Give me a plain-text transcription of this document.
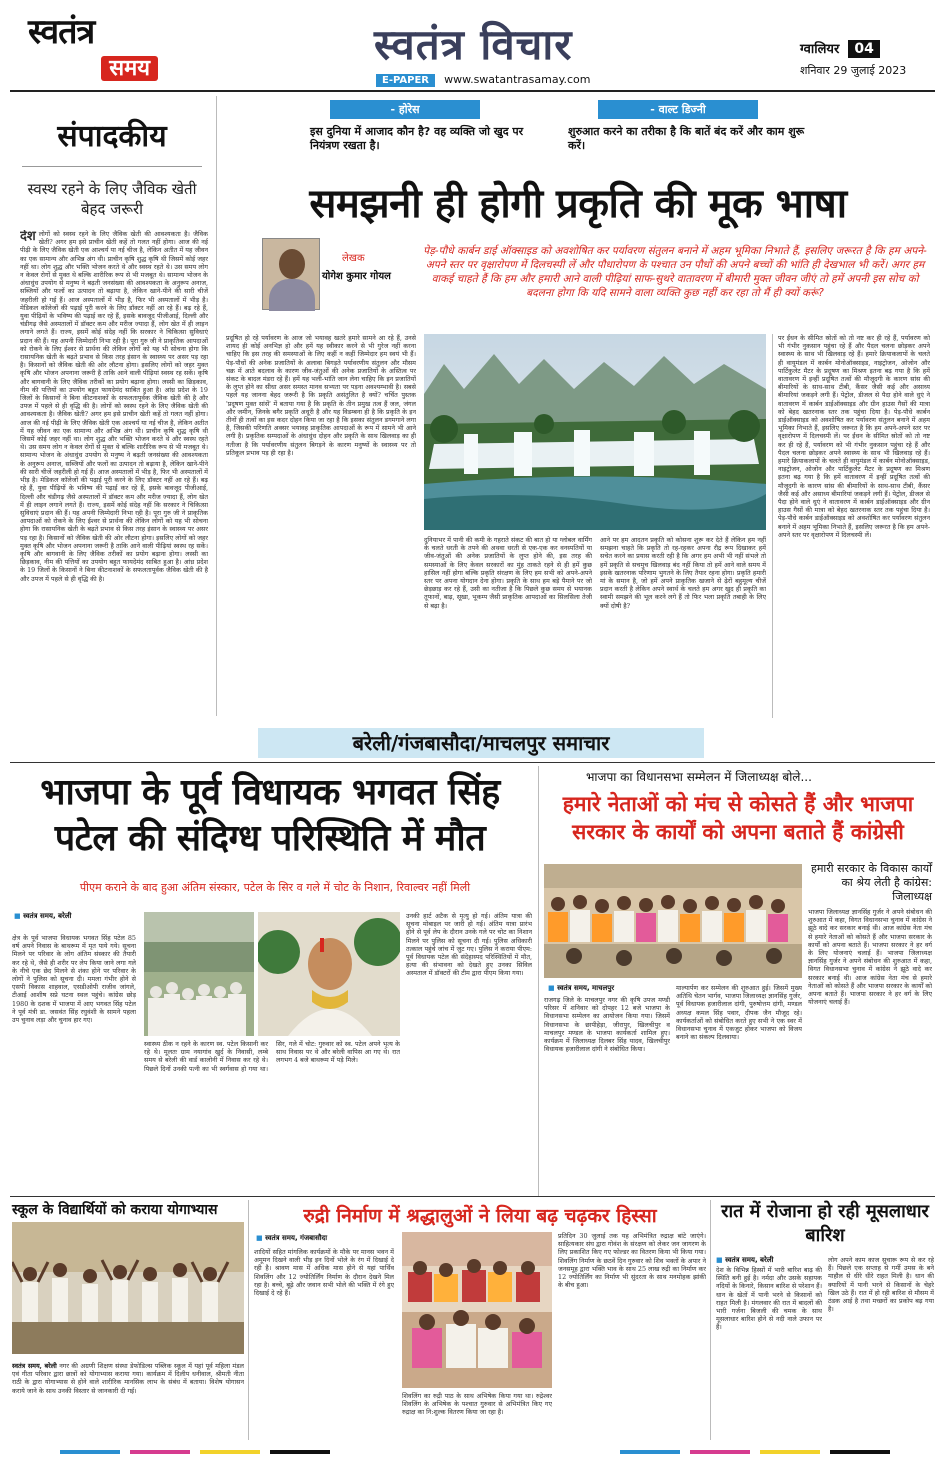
स्वतंत्र
समय	स्वतंत्र विचार
E-PAPER www.swatantrasamay.com
ग्वालियर 04
शनिवार 29 जुलाई 2023
संपादकीय
स्वस्थ रहने के लिए जैविक खेती बेहद जरूरी
देश लोगों को स्वस्थ रहने के लिए जैविक खेती की आवश्यकता है। जैविक खेती? अगर हम इसे प्राचीन खेती कहें तो गलत नहीं होगा। आज की नई पीढ़ी के लिए जैविक खेती एक आश्चर्य या नई चीज है, लेकिन अतीत में यह जीवन का एक सामान्य और अभिन्न अंग थी। प्राचीन कृषि शुद्ध कृषि थी जिसमें कोई जहर नहीं था। लोग शुद्ध और भक्ति भोजन करते थे और स्वस्थ रहते थे। उस समय लोग न केवल रोगों से मुक्त थे बल्कि शारीरिक रूप से भी मजबूत थे। सामान्य भोजन के अंधाधुंध उपयोग से मनुष्य ने बढ़ती जनसंख्या की आवश्यकता के अनुरूप अनाज, सब्जियों और फलों का उत्पादन तो बढ़ाया है, लेकिन खाने-पीने की सारी चीजें जहरीली हो गई हैं। आज अस्पतालों में भीड़ है, फिर भी अस्पतालों में भीड़ है। मेडिकल कॉलेजों की पढ़ाई पूरी करने के लिए डॉक्टर नहीं आ रहे हैं। बढ़ रहे हैं, युवा पीढ़ियों के भविष्य की पढ़ाई कर रहे हैं, इसके बावजूद पीजीआई, दिल्ली और चंडीगढ़ जैसे अस्पतालों में डॉक्टर कम और मरीज ज्यादा हैं, लोग खेत में ही लाइन लगाने लगते हैं। राज्य, इसमें कोई संदेह नहीं कि सरकार ने चिकित्सा सुविधाएं प्रदान की हैं। यह अपनी जिम्मेदारी निभा रही है। पूरा गुरु जी ने प्राकृतिक आपदाओं को रोकने के लिए ईश्वर से प्रार्थना की लेकिन लोगों को यह भी सोचना होगा कि रासायनिक खेती के बढ़ते प्रभाव से किस तरह इंसान के स्वास्थ्य पर असर पड़ रहा है। किसानों को जैविक खेती की ओर लौटना होगा। इसलिए लोगों को जहर मुक्त कृषि और भोजन अपनाना जरूरी है ताकि आने वाली पीढ़ियां स्वस्थ रह सकें। कृषि और बागवानी के लिए जैविक तरीकों का प्रयोग बढ़ाना होगा। लस्सी का छिड़काव, नीम की पत्तियों का उपयोग बहुत फायदेमंद साबित हुआ है। आंध्र प्रदेश के 19 जिलों के किसानों ने बिना कीटनाशकों के सफलतापूर्वक जैविक खेती की है और उपज में पहले से ही वृद्धि की है। लोगों को स्वस्थ रहने के लिए जैविक खेती की आवश्यकता है। जैविक खेती? अगर हम इसे प्राचीन खेती कहें तो गलत नहीं होगा। आज की नई पीढ़ी के लिए जैविक खेती एक आश्चर्य या नई चीज है, लेकिन अतीत में यह जीवन का एक सामान्य और अभिन्न अंग थी। प्राचीन कृषि शुद्ध कृषि थी जिसमें कोई जहर नहीं था। लोग शुद्ध और भक्ति भोजन करते थे और स्वस्थ रहते थे। उस समय लोग न केवल रोगों से मुक्त थे बल्कि शारीरिक रूप से भी मजबूत थे। सामान्य भोजन के अंधाधुंध उपयोग से मनुष्य ने बढ़ती जनसंख्या की आवश्यकता के अनुरूप अनाज, सब्जियों और फलों का उत्पादन तो बढ़ाया है, लेकिन खाने-पीने की सारी चीजें जहरीली हो गई हैं। आज अस्पतालों में भीड़ है, फिर भी अस्पतालों में भीड़ है। मेडिकल कॉलेजों की पढ़ाई पूरी करने के लिए डॉक्टर नहीं आ रहे हैं। बढ़ रहे हैं, युवा पीढ़ियों के भविष्य की पढ़ाई कर रहे हैं, इसके बावजूद पीजीआई, दिल्ली और चंडीगढ़ जैसे अस्पतालों में डॉक्टर कम और मरीज ज्यादा हैं, लोग खेत में ही लाइन लगाने लगते हैं। राज्य, इसमें कोई संदेह नहीं कि सरकार ने चिकित्सा सुविधाएं प्रदान की हैं। यह अपनी जिम्मेदारी निभा रही है। पूरा गुरु जी ने प्राकृतिक आपदाओं को रोकने के लिए ईश्वर से प्रार्थना की लेकिन लोगों को यह भी सोचना होगा कि रासायनिक खेती के बढ़ते प्रभाव से किस तरह इंसान के स्वास्थ्य पर असर पड़ रहा है। किसानों को जैविक खेती की ओर लौटना होगा। इसलिए लोगों को जहर मुक्त कृषि और भोजन अपनाना जरूरी है ताकि आने वाली पीढ़ियां स्वस्थ रह सकें। कृषि और बागवानी के लिए जैविक तरीकों का प्रयोग बढ़ाना होगा। लस्सी का छिड़काव, नीम की पत्तियों का उपयोग बहुत फायदेमंद साबित हुआ है। आंध्र प्रदेश के 19 जिलों के किसानों ने बिना कीटनाशकों के सफलतापूर्वक जैविक खेती की है और उपज में पहले से ही वृद्धि की है।
- होरेस
इस दुनिया में आजाद कौन है? वह व्यक्ति जो खुद पर नियंत्रण रखता है।
- वाल्ट डिज्नी
शुरुआत करने का तरीका है कि बातें बंद करें और काम शुरू करें।
समझनी ही होगी प्रकृति की मूक भाषा
लेखक
योगेश कुमार गोयल
पेड़-पौधे कार्बन डाई ऑक्साइड को अवशोषित कर पर्यावरण संतुलन बनाने में अहम भूमिका निभाते हैं, इसलिए जरूरत है कि हम अपने-अपने स्तर पर वृक्षारोपण में दिलचस्पी लें और पौधारोपण के पश्चात उन पौधों की अपने बच्चों की भांति ही देखभाल भी करें। अगर हम वाकई चाहते हैं कि हम और हमारी आने वाली पीढ़ियां साफ-सुथरे वातावरण में बीमारी मुक्त जीवन जीएं तो हमें अपनी इस सोच को बदलना होगा कि यदि सामने वाला व्यक्ति कुछ नहीं कर रहा तो मैं ही क्यों करूं?
प्रदूषित हो रहे पर्यावरण के आज जो भयावह खतरे हमारे सामने आ रहे हैं, उनसे शायद ही कोई अनभिज्ञ हो और हमें यह स्वीकार करने से भी गुरेज नहीं करना चाहिए कि इस तरह की समस्याओं के लिए कहीं न कहीं जिम्मेदार हम स्वयं भी हैं। पेड़-पौधों की अनेक प्रजातियों के अलावा बिगड़ते पर्यावरणीय संतुलन और मौसम चक्र में आते बदलाव के कारण जीव-जंतुओं की अनेक प्रजातियों के अस्तित्व पर संकट के बादल मंडरा रहे हैं। हमें यह भली-भांति जान लेना चाहिए कि इन प्रजातियों के लुप्त होने का सीधा असर समस्त मानव सभ्यता पर पड़ना अवश्यम्भावी है। सबसे पहले यह जानना बेहद जरूरी है कि प्रकृति असंतुलित है क्यों? चर्चित पुस्तक 'प्रदूषण मुक्त सांसें' में बताया गया है कि प्रकृति के तीन प्रमुख तत्व हैं जल, जंगल और जमीन, जिनके बगैर प्रकृति अधूरी है और यह विडम्बना ही है कि प्रकृति के इन तीनों ही तत्वों का इस कदर दोहन किया जा रहा है कि इसका संतुलन डगमगाने लगा है, जिसकी परिणति अक्सर भयावह प्राकृतिक आपदाओं के रूप में सामने भी आने लगी है। प्रकृतिक सम्पदाओं के अंधाधुंध दोहन और प्रकृति के साथ खिलवाड़ का ही नतीजा है कि पर्यावरणीय संतुलन बिगड़ने के कारण मनुष्यों के स्वास्थ्य पर तो प्रतिकूल प्रभाव पड़ ही रहा है।
दुनियाभर में पानी की कमी के गहराते संकट की बात हो या ग्लोबल वार्मिंग के चलते धरती के तपने की अथवा धरती से एक-एक कर वनस्पतियों या जीव-जंतुओं की अनेक प्रजातियों के लुप्त होने की, इस तरह की समस्याओं के लिए केवल सरकारों का मुंह ताकते रहने से ही हमें कुछ हासिल नहीं होगा बल्कि प्रकृति संरक्षण के लिए हम सभी को अपने-अपने स्तर पर अपना योगदान देना होगा। प्रकृति के साथ हम बड़े पैमाने पर जो छेड़छाड़ कर रहे हैं, उसी का नतीजा है कि पिछले कुछ समय से भयानक तूफानों, बाढ़, सूखा, भूकम्प जैसी प्राकृतिक आपदाओं का सिलसिला तेजी से बढ़ा है।
आने पर हम आदतन प्रकृति को कोसना शुरू कर देते हैं लेकिन हम नहीं समझना चाहते कि प्रकृति तो रह-रहकर अपना रौद्र रूप दिखाकर हमें सचेत करने का प्रयास करती रही है कि अगर हम अभी भी नहीं संभले तो हमें प्रकृति से सचमुच खिलवाड़ बंद नहीं किया तो हमें आने वाले समय में इसके खतरनाक परिणाम भुगतने के लिए तैयार रहना होगा। प्रकृति हमारी मां के समान है, जो हमें अपने प्राकृतिक खजाने से ढ़ेरों बहुमूल्य चीजें प्रदान करती है लेकिन अपने स्वार्थ के चलते हम अगर खुद ही प्रकृति का स्वामी समझने की भूल करने लगे हैं तो फिर भला प्रकृति तबाही के लिए क्यों दोषी है?
पर ईंधन के सीमित स्रोतों को तो नष्ट कर ही रहे हैं, पर्यावरण को भी गंभीर नुकसान पहुंचा रहे हैं और पैदल चलना छोड़कर अपने स्वास्थ्य के साथ भी खिलवाड़ रहे हैं। हमारे क्रियाकलापों के चलते ही वायुमंडल में कार्बन मोनोऑक्साइड, नाइट्रोजन, ओजोन और पार्टिकुलेट मैटर के प्रदूषण का मिश्रण इतना बढ़ गया है कि हमें वातावरण में इन्हीं प्रदूषित तत्वों की मौजूदगी के कारण सांस की बीमारियों के साथ-साथ टीबी, कैंसर जैसी कई और असाध्य बीमारियां जकड़ने लगी हैं। पेट्रोल, डीजल से पैदा होने वाले धुएं ने वातावरण में कार्बन डाईऑक्साइड और ग्रीन हाउस गैसों की मात्रा को बेहद खतरनाक स्तर तक पहुंचा दिया है। पेड़-पौधे कार्बन डाईऑक्साइड को अवशोषित कर पर्यावरण संतुलन बनाने में अहम भूमिका निभाते हैं, इसलिए जरूरत है कि हम अपने-अपने स्तर पर वृक्षारोपण में दिलचस्पी लें। पर ईंधन के सीमित स्रोतों को तो नष्ट कर ही रहे हैं, पर्यावरण को भी गंभीर नुकसान पहुंचा रहे हैं और पैदल चलना छोड़कर अपने स्वास्थ्य के साथ भी खिलवाड़ रहे हैं। हमारे क्रियाकलापों के चलते ही वायुमंडल में कार्बन मोनोऑक्साइड, नाइट्रोजन, ओजोन और पार्टिकुलेट मैटर के प्रदूषण का मिश्रण इतना बढ़ गया है कि हमें वातावरण में इन्हीं प्रदूषित तत्वों की मौजूदगी के कारण सांस की बीमारियों के साथ-साथ टीबी, कैंसर जैसी कई और असाध्य बीमारियां जकड़ने लगी हैं। पेट्रोल, डीजल से पैदा होने वाले धुएं ने वातावरण में कार्बन डाईऑक्साइड और ग्रीन हाउस गैसों की मात्रा को बेहद खतरनाक स्तर तक पहुंचा दिया है। पेड़-पौधे कार्बन डाईऑक्साइड को अवशोषित कर पर्यावरण संतुलन बनाने में अहम भूमिका निभाते हैं, इसलिए जरूरत है कि हम अपने-अपने स्तर पर वृक्षारोपण में दिलचस्पी लें।
बरेली/गंजबासौदा/माचलपुर समाचार
भाजपा के पूर्व विधायक भगवत सिंह
पटेल की संदिग्ध परिस्थिति में मौत
पीएम कराने के बाद हुआ अंतिम संस्कार, पटेल के सिर व गले में चोट के निशान, रिवाल्वर नहीं मिली
■ स्वतंत्र समय, बरेली
क्षेत्र के पूर्व भाजपा विधायक भगवत सिंह पटेल 85 वर्ष अपने निवास के बाथरूम में मृत पाये गये। सूचना मिलने पर परिवार के लोग अंतिम संस्कार की तैयारी कर रहे थे, जैसे ही शरीर पर लेप किया जाने लगा गले के नीचे एक छेद मिलने से शंका होने पर परिवार के लोगों ने पुलिस को सूचना दी। ममला गंभीर होने से एसपी विकास शाहवाल, एसडीओपी राजीव जांगले, टीआई आशीष सप्रे घटना स्थल पहुंचे। कांग्रेस छोड़ 1980 के दशक में भाजपा में आए भगवत सिंह पटेल ने पूर्व मंत्री डा. जसवंत सिंह रघुवंशी के सामने पहला उप चुनाव लड़ा और चुनाव हार गए।
स्वास्थ्य ठीक न रहने के कारण स्व. पटेल किसानी कर रहे थे। मूलतः ग्राम नयागांव खुर्द के निवासी, लम्बे समय से बरेली की वार्ड कालोनी में निवास कर रहे थे। पिछले दिनों उनकी पत्नी का भी स्वर्गवास हो गया था। सिर, गले में चोट: गुरुवार को स्व. पटेल अपने भृत्य के साथ निवास पर थे और बरेली वापिस आ गए थे। रात लगभग 4 बजे बाथरूम में पड़े मिले।
उनकी हार्ट अटैक से मृत्यु हो गई। अंतिम यात्रा की सूचना मोबाइल पर जारी हो गई। अंतिम यात्रा प्रारंभ होने से पूर्व लेप के दौरान उनके गले पर चोट का निशान मिलने पर पुलिस को सूचना दी गई। पुलिस अधिकारी तत्काल पहुंचे जांच में जुट गए। पुलिस ने कराया पीएम: पूर्व विधायक पटेल की संदेहास्पद परिस्थितियों में मौत, हत्या की संभावना को देखते हुए उनका सिविल अस्पताल में डॉक्टरों की टीम द्वारा पीएम किया गया।
भाजपा का विधानसभा सम्मेलन में जिलाध्यक्ष बोले...
हमारे नेताओं को मंच से कोसते हैं और भाजपा
सरकार के कार्यों को अपना बताते हैं कांग्रेसी
हमारी सरकार के विकास कार्यों का श्रेय लेती है कांग्रेस: जिलाध्यक्ष
भाजपा जिलाध्यक्ष ज्ञानसिंह गुर्जर ने अपने संबोधन की शुरुआत में कहा, विगत विधानसभा चुनाव में कांग्रेस ने झूठे वादे कर सरकार बनाई थी। आज कांग्रेस नेता मंच से हमारे नेताओं को कोसते हैं और भाजपा सरकार के कार्यों को अपना बताते हैं। भाजपा सरकार ने हर वर्ग के लिए योजनाएं चलाई हैं। भाजपा जिलाध्यक्ष ज्ञानसिंह गुर्जर ने अपने संबोधन की शुरुआत में कहा, विगत विधानसभा चुनाव में कांग्रेस ने झूठे वादे कर सरकार बनाई थी। आज कांग्रेस नेता मंच से हमारे नेताओं को कोसते हैं और भाजपा सरकार के कार्यों को अपना बताते हैं। भाजपा सरकार ने हर वर्ग के लिए योजनाएं चलाई हैं।
■ स्वतंत्र समय, माचलपुर
राजगढ़ जिले के माचलपुर नगर की कृषि उपज मण्डी परिसर में शनिवार को दोपहर 12 बजे भाजपा के विधानसभा सम्मेलन का आयोजन किया गया। जिसमें विधानसभा के छापीहेड़ा, जीरापुर, खिलचीपुर व माचलपुर मण्डल के भाजपा कार्यकर्ता शामिल हुए। कार्यक्रम में जिलाध्यक्ष दिलबर सिंह यादव, खिलचीपुर विधायक हजारीलाल दांगी ने संबोधित किया।
माल्यार्पण कर सम्मेलन की शुरुआत हुई। जिसमें मुख्य अतिथि चेतन भार्गव, भाजपा जिलाध्यक्ष ज्ञानसिंह गुर्जर, पूर्व विधायक हजारीलाल दांगी, पुरुषोत्तम दांगी, मण्डल अध्यक्ष कमल सिंह पवार, दीपक जैन मौजूद रहे। कार्यकर्ताओं को संबोधित करते हुए सभी ने एक स्वर में विधानसभा चुनाव में एकजुट होकर भाजपा को विजय बनाने का संकल्प दिलवाया।
स्कूल के विद्यार्थियों को कराया योगाभ्यास
स्वतंत्र समय, बरेली नगर की अग्रणी शिक्षण संस्था डेफोडिल्स पब्लिक स्कूल में यहां पूर्व महिला मंडल एवं गीता परिवार द्वारा छात्रों को योगाभ्यास कराया गया। कार्यक्रम में दिलीप धनीवाल, श्रीमती नीता राठी के द्वारा योगाभ्यास से होने वाले शारीरिक मानसिक लाभ के संबंध में बताया। विशेष योगासन कराये जाने के साथ उनकी विस्तार से जानकारी दी गई।
रुद्री निर्माण में श्रद्धालुओं ने लिया बढ़ चढ़कर हिस्सा
■ स्वतंत्र समय, गंजबासौदा
शादियों सहित मांगलिक कार्यक्रमों के मौके पर मानस भवन में अमूमन दिखने वाली भीड़ इन दिनों भोले के रंग में दिखाई दे रही है। श्रावण मास में अधिक मास होने से यहां पार्थिव शिवलिंग और 12 ज्योतिर्लिंग निर्माण के दौरान देखने मिल रहा है। बच्चे, बूढ़े और जवान सभी भोले की भक्ति में रंगे हुए दिखाई दे रहे हैं।
शिवलिंग का रुद्री पाठ के साथ अभिषेक किया गया था। रुद्रेश्वर शिवलिंग के अभिषेक के पश्चात गुरुवार से अभिमंत्रित किए गए रुद्राक्ष का नि:शुल्क वितरण किया जा रहा है।
प्रतिदिन 30 जुलाई तक यह अभिमंत्रित रुद्राक्ष बांटे जाएंगे। साहित्यकार संघ द्वारा गोवंश के संरक्षण को लेकर जन जागरण के लिए प्रकाशित किए गए फोल्डर का वितरण किया भी किया गया। शिवलिंग निर्माण के छठवें दिन गुरुवार को शिव भक्तों के अपार ने जनसमूह द्वारा भक्ति भाव के साथ 25 लाख रुद्री का निर्माण कर 12 ज्योतिर्लिंग का निर्माण भी सुंदरता के साथ मनमोहक झांकी के बीच हुआ।
रात में रोजाना हो रही मूसलाधार बारिश
■ स्वतंत्र समय, बरेली
देश के विभिन्न हिस्सों में भारी बारिश बाढ़ की स्थिति बनी हुई है। नर्मदा और उसके सहायक नदियों के किनारे, किसान बारिश से परेशान हैं। धान के खेतों में पानी भरने से किसानों को राहत मिली है। मंगलवार की रात में बादलों की भारी गर्जना बिजली की चमक के साथ मूसलाधार बारिश होने से नदी नाले उफान पर हैं।
लोग अपने काम काज सुचारू रूप से कर रहे हैं। पिछले एक सप्ताह से गर्मी उमस के बने माहौल से धीरे धीरे राहत मिली है। धान की क्यारियों में पानी भरने से किसानों के चेहरे खिल उठे हैं। रात में हो रही बारिश से मौसम में ठंडक आई है तथा मच्छरों का प्रकोप बढ़ गया है।
